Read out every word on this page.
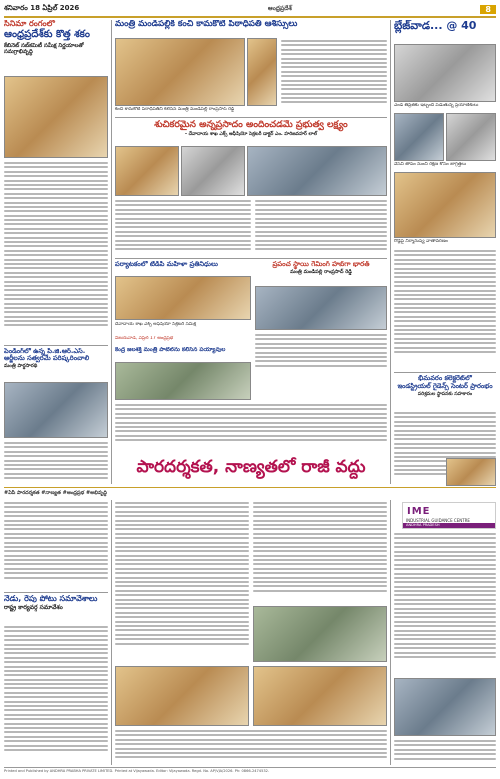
శనివారం 18 ఏప్రిల్ 2026	ఆంధ్రప్రదేశ్	8
సినిమా రంగంలో
ఆంధ్రప్రదేశ్‌కు కొత్త శకం
కేబినెట్ సబ్‌కమిటీ సమీక్ష నిర్ణయాలతో సమగ్రాభివృద్ధి
పెండింగ్‌లో ఉన్న పి.జి.ఆర్.ఎస్. అర్జీలను సత్వరమే పరిష్కరించాలి
మంత్రి పార్థసారథి
మంత్రి మండిపల్లికి కంచి కామకోటి పీఠాధిపతి ఆశీస్సులు
కంచి కామకోటి పీఠాధిపతిని కలిసిన మంత్రి మండిపల్లి రాంప్రసాద్ రెడ్డి
శుచికరమైన అన్నప్రసాదం అందించడమే ప్రభుత్వ లక్ష్యం
- దేవాదాయ శాఖ ఎక్స్ అఫీషియో సెక్రటరీ డాక్టర్ ఎం. హరిజవహర్ లాల్
పర్యాటకంలో టీడీపీ మహిళా ప్రతినిధులు
దేవాదాయ శాఖ ఎక్స్ అఫీషియో సెక్రటరీ సమీక్ష
విజయవాడ, ఏప్రిల్ 17 ఆంధ్రప్రభ
ప్రపంచ స్థాయి గేమింగ్ హబ్‌గా భారత్
మంత్రి మండిపల్లి రాంప్రసాద్ రెడ్డి
కేంద్ర జలశక్తి మంత్రి పాటిల్‌ను కలిసిన పయ్యావుల
పారదర్శకత, నాణ్యతలో రాజీ వద్దు
#ఏపీ పారదర్శకత #నాణ్యత #ఆంధ్రప్రభ #అభివృద్ధి
బ్లేజ్‌వాడ... @ 40
ఎండ తీవ్రతకు ఇబ్బంది పడుతున్న ప్రయాణికులు
వేసవి తాపం నుంచి రక్షణ కోసం జాగ్రత్తలు
రోడ్లపై నిర్మానుష్య వాతావరణం
భీమవరం కలెక్టరేట్‌లో
ఇండస్ట్రియల్ గైడెన్స్ సెంటర్ ప్రారంభం
పరిశ్రమల స్థాపనకు సహకారం
నేడు, రేపు పోటు సమావేశాలు
రాష్ట్ర కార్యవర్గ సమావేశం
IME
INDUSTRIAL GUIDANCE CENTRE
ANDHRA PRADESH
Printed and Published by ANDHRA PRABHA PRIVATE LIMITED. Printed at Vijayawada. Editor: Vijayawada. Regd. No. AP/VJA/2026. Ph: 0866-2474532.
